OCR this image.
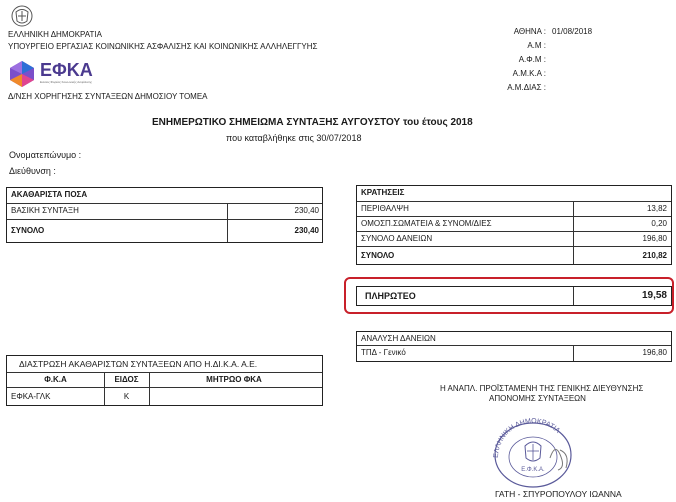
ΕΛΛΗΝΙΚΗ ΔΗΜΟΚΡΑΤΙΑ
ΥΠΟΥΡΓΕΙΟ ΕΡΓΑΣΙΑΣ ΚΟΙΝΩΝΙΚΗΣ ΑΣΦΑΛΙΣΗΣ ΚΑΙ ΚΟΙΝΩΝΙΚΗΣ ΑΛΛΗΛΕΓΓΥΗΣ
ΕΦΚΑ
Ενιαίος Φορέας Κοινωνικής Ασφάλισης
Δ/ΝΣΗ ΧΟΡΗΓΗΣΗΣ ΣΥΝΤΑΞΕΩΝ ΔΗΜΟΣΙΟΥ ΤΟΜΕΑ
ΑΘΗΝΑ : 01/08/2018
Α.Μ :
Α.Φ.Μ :
Α.Μ.Κ.Α :
Α.Μ.ΔΙΑΣ :
ΕΝΗΜΕΡΩΤΙΚΟ ΣΗΜΕΙΩΜΑ ΣΥΝΤΑΞΗΣ ΑΥΓΟΥΣΤΟΥ του έτους 2018
που καταβλήθηκε στις 30/07/2018
Ονοματεπώνυμο :
Διεύθυνση :
ΑΚΑΘΑΡΙΣΤΑ ΠΟΣΑ
ΒΑΣΙΚΗ ΣΥΝΤΑΞΗ	230,40
ΣΥΝΟΛΟ	230,40
ΚΡΑΤΗΣΕΙΣ
ΠΕΡΙΘΑΛΨΗ	13,82
ΟΜΟΣΠ.ΣΩΜΑΤΕΙΑ & ΣΥΝΟΜ/ΔΙΕΣ	0,20
ΣΥΝΟΛΟ ΔΑΝΕΙΩΝ	196,80
ΣΥΝΟΛΟ	210,82
ΠΛΗΡΩΤΕΟ	19,58
ΑΝΑΛΥΣΗ ΔΑΝΕΙΩΝ
ΤΠΔ - Γενικό	196,80
ΔΙΑΣΤΡΩΣΗ ΑΚΑΘΑΡΙΣΤΩΝ ΣΥΝΤΑΞΕΩΝ ΑΠΟ Η.ΔΙ.Κ.Α. Α.Ε.
Φ.Κ.Α	ΕΙΔΟΣ	ΜΗΤΡΩΟ ΦΚΑ
ΕΦΚΑ-ΓΛΚ	Κ
Η ΑΝΑΠΛ. ΠΡΟΪΣΤΑΜΕΝΗ ΤΗΣ ΓΕΝΙΚΗΣ ΔΙΕΥΘΥΝΣΗΣ
ΑΠΟΝΟΜΗΣ ΣΥΝΤΑΞΕΩΝ
ΕΛΛΗΝΙΚΗ ΔΗΜΟΚΡΑΤΙΑ
Ε.Φ.Κ.Α.
ΓΑΤΗ - ΣΠΥΡΟΠΟΥΛΟΥ ΙΩΑΝΝΑ
